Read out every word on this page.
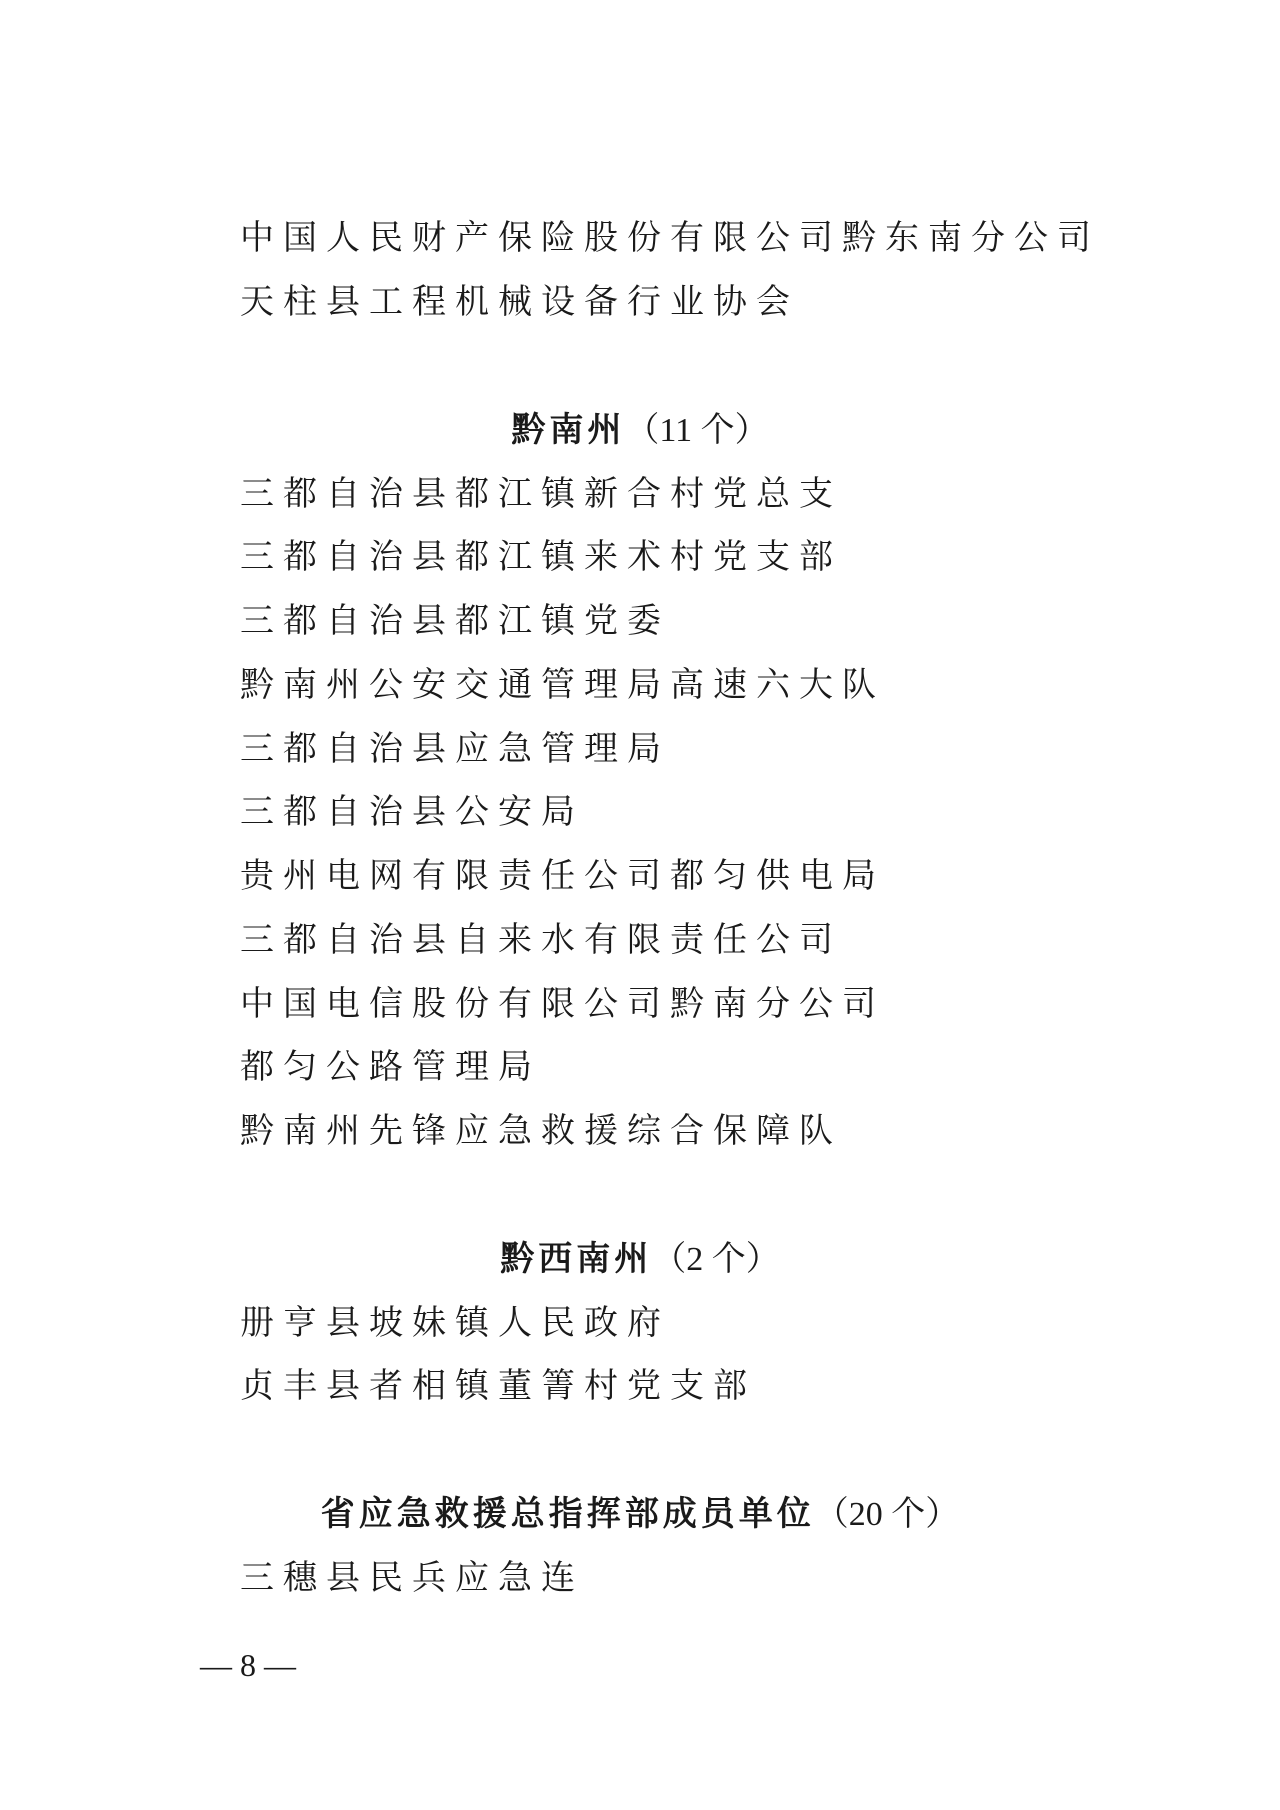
中国人民财产保险股份有限公司黔东南分公司
天柱县工程机械设备行业协会
黔南州（11 个）
三都自治县都江镇新合村党总支
三都自治县都江镇来术村党支部
三都自治县都江镇党委
黔南州公安交通管理局高速六大队
三都自治县应急管理局
三都自治县公安局
贵州电网有限责任公司都匀供电局
三都自治县自来水有限责任公司
中国电信股份有限公司黔南分公司
都匀公路管理局
黔南州先锋应急救援综合保障队
黔西南州（2 个）
册亨县坡妹镇人民政府
贞丰县者相镇董箐村党支部
省应急救援总指挥部成员单位（20 个）
三穗县民兵应急连
— 8 —
